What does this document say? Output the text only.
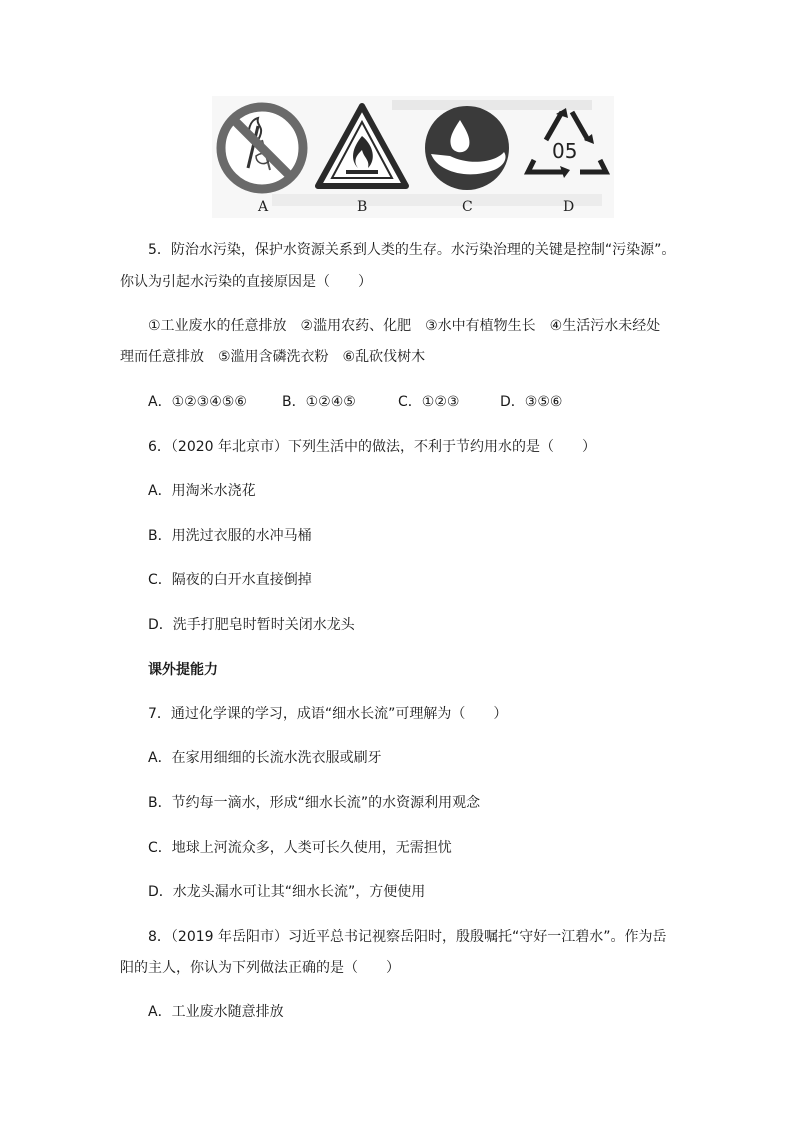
A	B	C
05
D
5．防治水污染，保护水资源关系到人类的生存。水污染治理的关键是控制“污染源”。
你认为引起水污染的直接原因是（　　）
①工业废水的任意排放　②滥用农药、化肥　③水中有植物生长　④生活污水未经处
理而任意排放　⑤滥用含磷洗衣粉　⑥乱砍伐树木
A．①②③④⑤⑥	B．①②④⑤	C．①②③	D．③⑤⑥
6．（2020 年北京市）下列生活中的做法，不利于节约用水的是（　　）
A．用淘米水浇花
B．用洗过衣服的水冲马桶
C．隔夜的白开水直接倒掉
D．洗手打肥皂时暂时关闭水龙头
课外提能力
7．通过化学课的学习，成语“细水长流”可理解为（　　）
A．在家用细细的长流水洗衣服或刷牙
B．节约每一滴水，形成“细水长流”的水资源利用观念
C．地球上河流众多，人类可长久使用，无需担忧
D．水龙头漏水可让其“细水长流”，方便使用
8．（2019 年岳阳市）习近平总书记视察岳阳时，殷殷嘱托“守好一江碧水”。作为岳
阳的主人，你认为下列做法正确的是（　　）
A．工业废水随意排放
